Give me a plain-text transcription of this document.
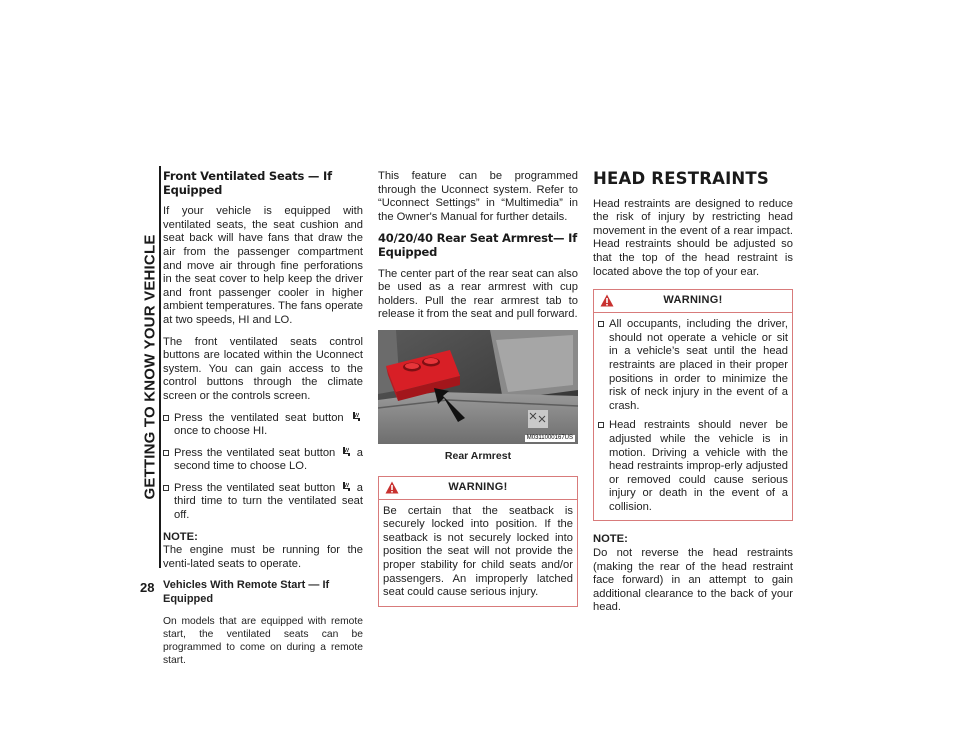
GETTING TO KNOW YOUR VEHICLE
28
Front Ventilated Seats — If Equipped

If your vehicle is equipped with ventilated seats, the seat cushion and seat back will have fans that draw the air from the passenger compartment and move air through fine perforations in the seat cover to help keep the driver and front passenger cooler in higher ambient temperatures. The fans operate at two speeds, HI and LO.

The front ventilated seats control buttons are located within the Uconnect system. You can gain access to the control buttons through the climate screen or the controls screen.

Press the ventilated seat button  once to choose HI.
Press the ventilated seat button a second time to choose LO.
Press the ventilated seat button a third time to turn the ventilated seat off.

NOTE:
The engine must be running for the venti-lated seats to operate.

Vehicles With Remote Start — If Equipped

On models that are equipped with remote start, the ventilated seats can be programmed to come on during a remote start.

This feature can be programmed through the Uconnect system. Refer to “Uconnect Settings” in “Multimedia” in the Owner's Manual for further details.

40/20/40 Rear Seat Armrest— If Equipped

The center part of the rear seat can also be used as a rear armrest with cup holders. Pull the rear armrest tab to release it from the seat and pull forward.

M0311000167US
Rear Armrest
WARNING!

Be certain that the seatback is securely locked into position. If the seatback is not securely locked into position the seat will not provide the proper stability for child seats and/or passengers. An improperly latched seat could cause serious injury.

HEAD RESTRAINTS

Head restraints are designed to reduce the risk of injury by restricting head movement in the event of a rear impact. Head restraints should be adjusted so that the top of the head restraint is located above the top of your ear.

WARNING!
All occupants, including the driver, should not operate a vehicle or sit in a vehicle’s seat until the head restraints are placed in their proper positions in order to minimize the risk of neck injury in the event of a crash.
Head restraints should never be adjusted while the vehicle is in motion. Driving a vehicle with the head restraints improp-erly adjusted or removed could cause serious injury or death in the event of a collision.

NOTE:
Do not reverse the head restraints (making the rear of the head restraint face forward) in an attempt to gain additional clearance to the back of your head.
